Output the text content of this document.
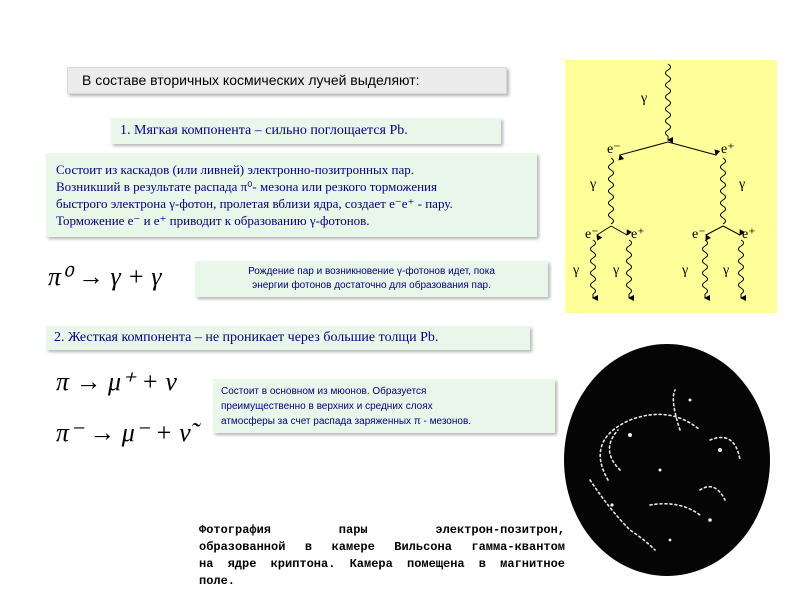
В составе вторичных космических лучей выделяют:
1. Мягкая компонента – сильно поглощается Pb.
Состоит из каскадов (или ливней) электронно-позитронных пар.
Возникший в результате распада π⁰- мезона или резкого торможения
быстрого электрона γ-фотон, пролетая вблизи ядра, создает e⁻e⁺ - пару.
Торможение e⁻ и e⁺ приводит к образованию γ-фотонов.
π⁰ → γ + γ	Рождение пар и возникновение γ-фотонов идет, пока
энергии фотонов достаточно для образования пар.
2. Жесткая компонента – не проникает через большие толщи Pb.
π → μ⁺ + ν
π⁻ → μ⁻ + ν̃
Состоит в основном из мюонов. Образуется
преимущественно в верхних и средних слоях
атмосферы за счет распада заряженных π - мезонов.
Фотография пары электрон-позитрон,
образованной в камере Вильсона гамма-квантом
на ядре криптона. Камера помещена в магнитное
поле.
γ
e⁻	e⁺
γ	γ
e⁻ e⁺	e⁻	e⁺
γ γ	γ γ
